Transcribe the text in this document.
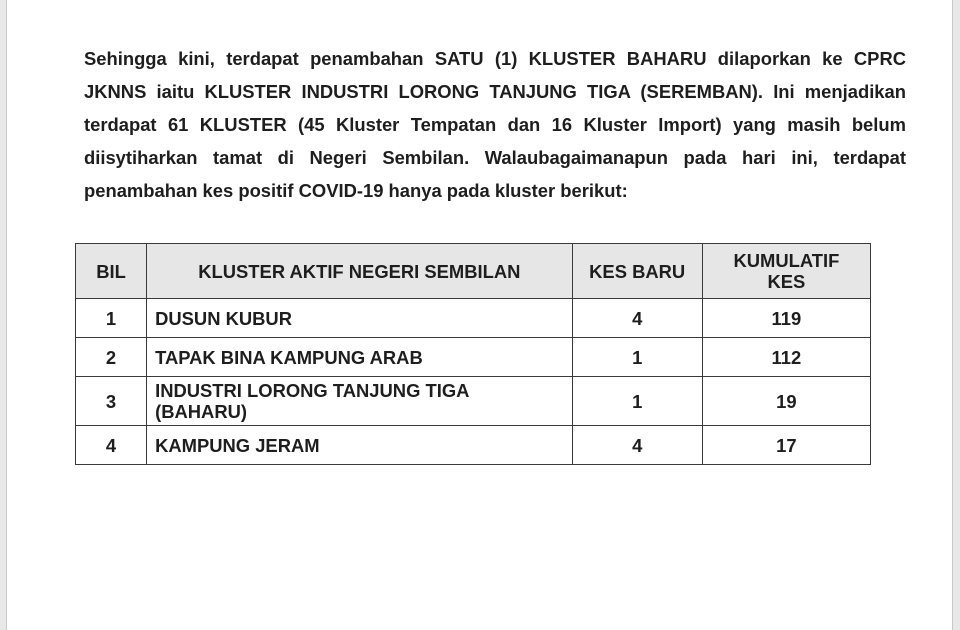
Sehingga kini, terdapat penambahan SATU (1) KLUSTER BAHARU dilaporkan ke CPRC
JKNNS iaitu KLUSTER INDUSTRI LORONG TANJUNG TIGA (SEREMBAN). Ini menjadikan
terdapat 61 KLUSTER (45 Kluster Tempatan dan 16 Kluster Import) yang masih belum
diisytiharkan tamat di Negeri Sembilan. Walaubagaimanapun pada hari ini, terdapat
penambahan kes positif COVID-19 hanya pada kluster berikut:

BIL	KLUSTER AKTIF NEGERI SEMBILAN	KES BARU	KUMULATIF
KES
1	DUSUN KUBUR	4	119
2	TAPAK BINA KAMPUNG ARAB	1	112
3	INDUSTRI LORONG TANJUNG TIGA
(BAHARU)	1	19
4	KAMPUNG JERAM	4	17
